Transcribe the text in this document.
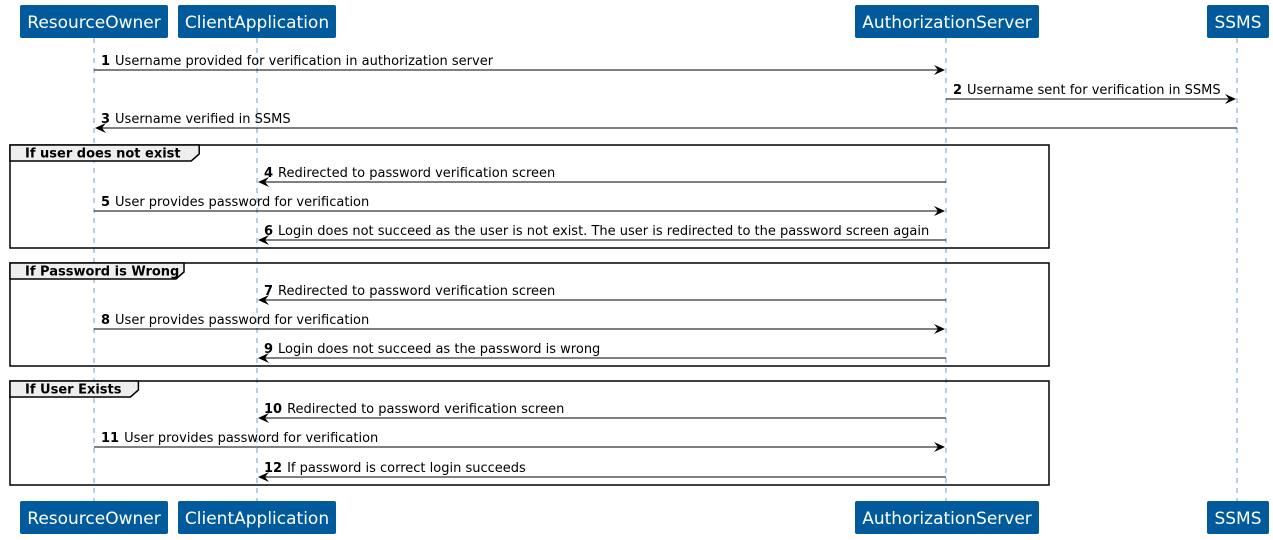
If user does not exist
If Password is Wrong
If User Exists
1 Username provided for verification in authorization server
2 Username sent for verification in SSMS
3 Username verified in SSMS
4 Redirected to password verification screen
5 User provides password for verification
6 Login does not succeed as the user is not exist. The user is redirected to the password screen again
7 Redirected to password verification screen
8 User provides password for verification
9 Login does not succeed as the password is wrong
10 Redirected to password verification screen
11 User provides password for verification
12 If password is correct login succeeds
ResourceOwner ClientApplication	AuthorizationServer	SSMS
ResourceOwner ClientApplication	AuthorizationServer	SSMS
